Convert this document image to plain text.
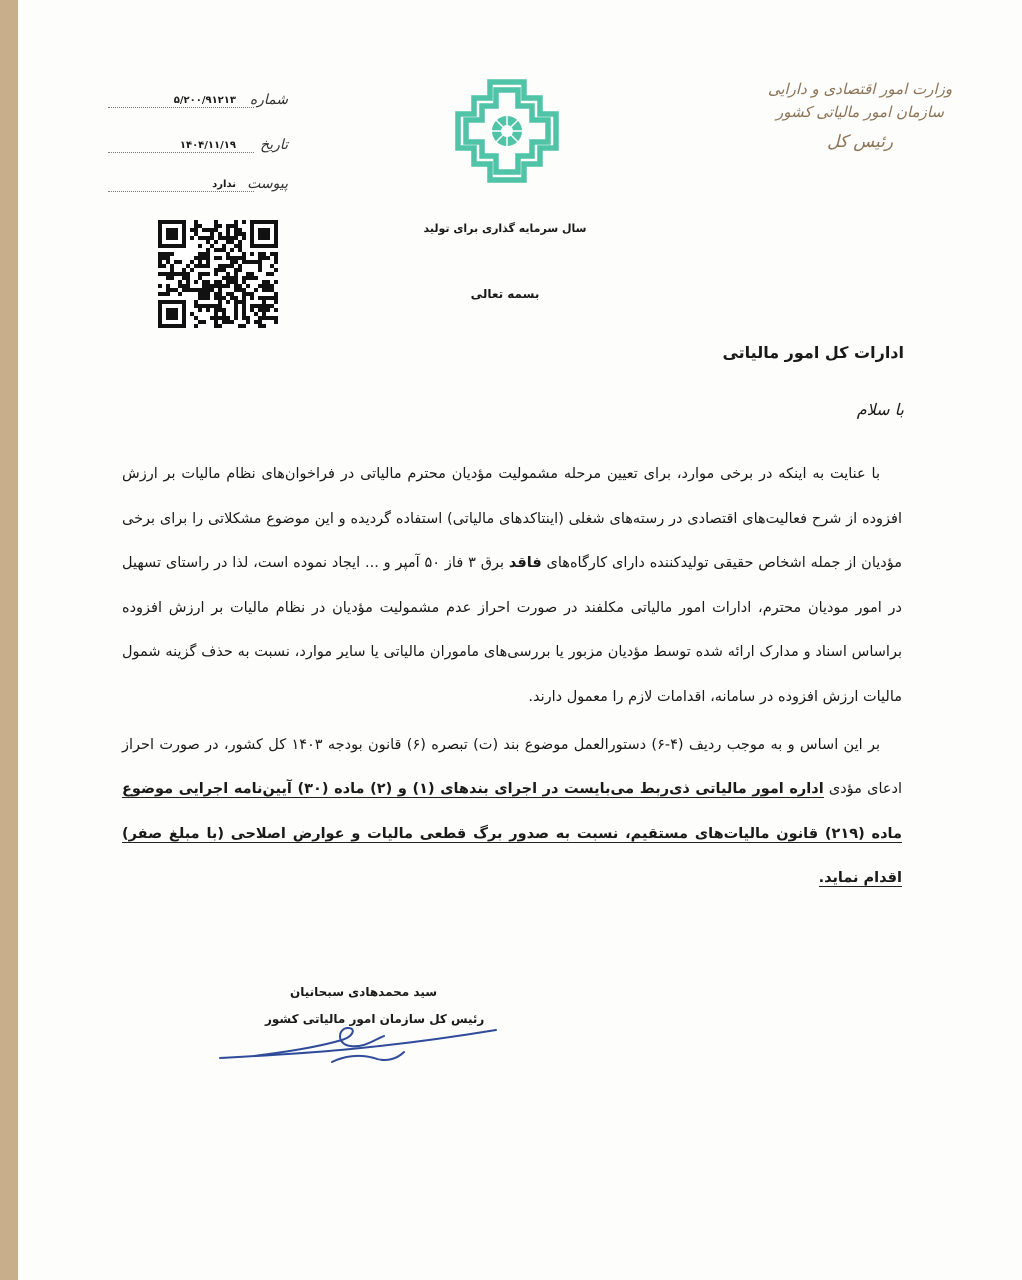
وزارت امور اقتصادی و دارایی
سازمان امور مالیاتی کشور
رئیس کل
سال سرمایه گذاری برای تولید
بسمه تعالی
شماره
۵/۲۰۰/۹۱۲۱۳
تاریخ
۱۴۰۴/۱۱/۱۹
پیوست
ندارد
ادارات کل امور مالیاتی
با سلام

با عنایت به اینکه در برخی موارد، برای تعیین مرحله مشمولیت مؤدیان محترم مالیاتی در فراخوان‌های نظام مالیات بر ارزش افزوده از شرح فعالیت‌های اقتصادی در رسته‌های شغلی (اینتاکدهای مالیاتی) استفاده گردیده و این موضوع مشکلاتی را برای برخی مؤدیان از جمله اشخاص حقیقی تولیدکننده دارای کارگاه‌های فاقد برق ۳ فاز ۵۰ آمپر و ... ایجاد نموده است، لذا در راستای تسهیل در امور مودیان محترم، ادارات امور مالیاتی مکلفند در صورت احراز عدم مشمولیت مؤدیان در نظام مالیات بر ارزش افزوده براساس اسناد و مدارک ارائه شده توسط مؤدیان مزبور یا بررسی‌های ماموران مالیاتی یا سایر موارد، نسبت به حذف گزینه شمول مالیات ارزش افزوده در سامانه، اقدامات لازم را معمول دارند.

بر این اساس و به موجب ردیف (۴-۶) دستورالعمل موضوع بند (ت) تبصره (۶) قانون بودجه ۱۴۰۳ کل کشور، در صورت احراز ادعای مؤدی اداره امور مالیاتی ذی‌ربط می‌بایست در اجرای بندهای (۱) و (۲) ماده (۳۰) آیین‌نامه اجرایی موضوع ماده (۲۱۹) قانون مالیات‌های مستقیم، نسبت به صدور برگ قطعی مالیات و عوارض اصلاحی (با مبلغ صفر) اقدام نماید.

سید محمدهادی سبحانیان
رئیس کل سازمان امور مالیاتی کشور
